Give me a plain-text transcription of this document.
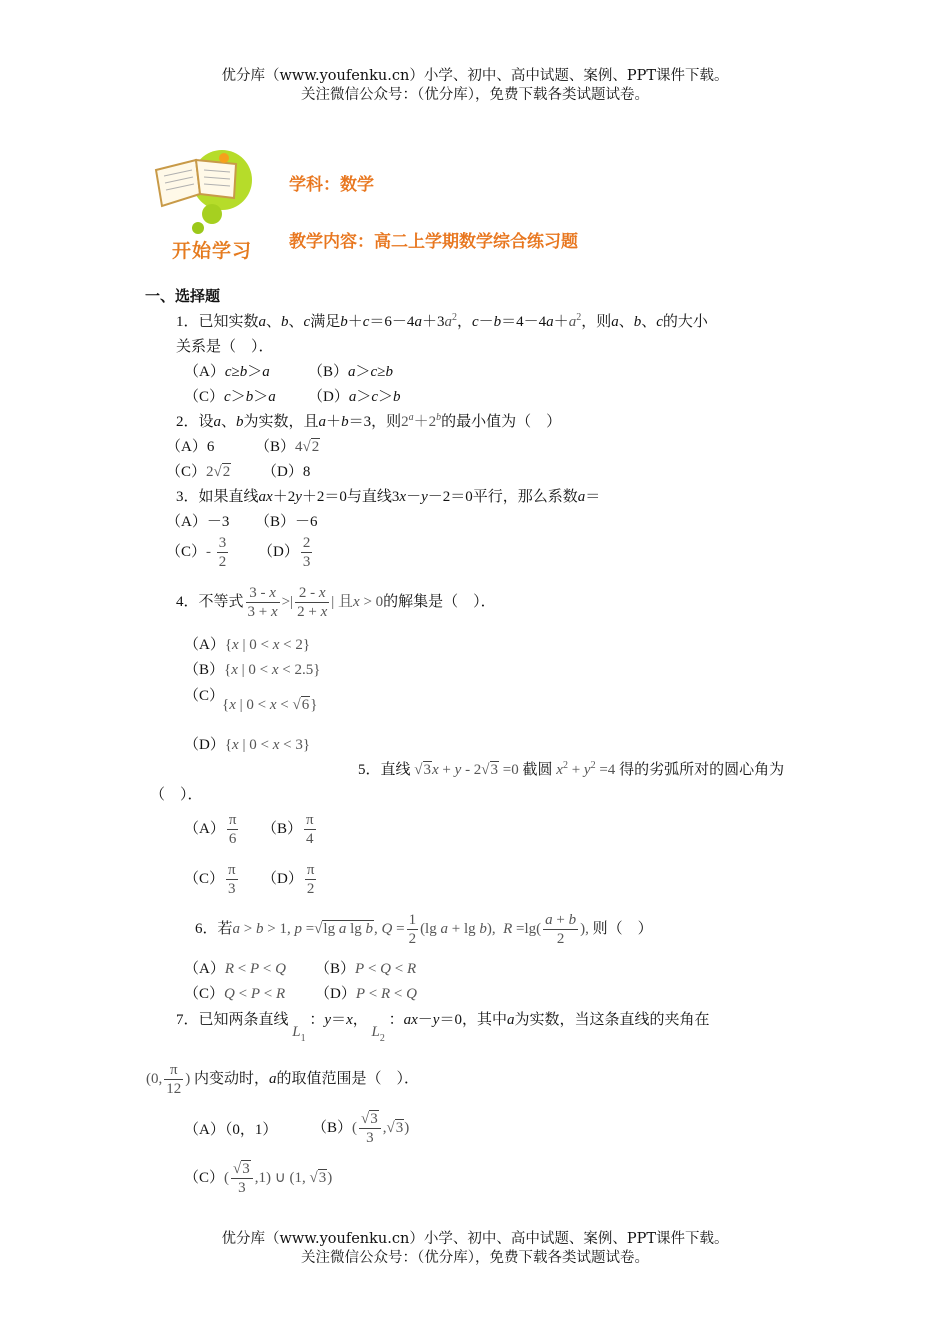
优分库（www.youfenku.cn）小学、初中、高中试题、案例、PPT课件下载。
关注微信公众号：（优分库），免费下载各类试题试卷。
开始学习
学科：数学
教学内容：高二上学期数学综合练习题
一、选择题
1．已知实数a、b、c满足$b+c=6-4a+3a^2$，$c-b=4-4a+a^2$，则a、b、c的大小
关系是（　）．
（A）c≥b＞a	（B）a＞c≥b
（C）c＞b＞a （D）a＞c＞b
2．设a、b为实数，且a＋b＝3，则$2^a+2^b$的最小值为（　）
（A）6	（B）4√2
（C）2√2 （D）8
3．如果直线ax＋2y＋2＝0与直线3x－y－2＝0平行，那么系数a＝
（A）－3 （B）－6
$(C)- \frac{3}{2} (D) \frac{2}{3}$
4．不等式 $\frac{3 - x}{3 + x}$ >| $\frac{2 - x}{2 + x}$ | 且x > 0的解集是（　）．
（A）{x | 0 < x < 2}
（B）{x | 0 < x < 2.5}
（C）
{x | 0 < x < √6}
（D）{x | 0 < x < 3}
5．直线 √3x + y - 2√3 =0 截圆 $x^2 + y^2 =4$ 得的劣弧所对的圆心角为
（　）．
$(A) \frac{\pi}{6} (B) \frac{\pi}{4}$
$(C) \frac{\pi}{3} (D) \frac{\pi}{2}$
6．若a > b > 1, p =√lg a lg b, $Q = \frac{1}{2} (\lg$ a + lg b),  $R =\lg( \frac{a + b}{2}$ ), 则（　）
（A）R < P < Q （B）P < Q < R
（C）Q < P < R （D）P < R < Q
7．已知两条直线 $L_1$ ：y＝x， $L_2$ ：ax－y＝0，其中a为实数，当这条直线的夹角在
(0, $\frac{\pi}{12}$ ) 内变动时，a的取值范围是（　）．
（A）（0，1） $(B)( \frac{√3}{3} ,√3)$
$(C)( \frac{√3}{3} ,1)$ ∪ (1, √3)
优分库（www.youfenku.cn）小学、初中、高中试题、案例、PPT课件下载。
关注微信公众号：（优分库），免费下载各类试题试卷。
